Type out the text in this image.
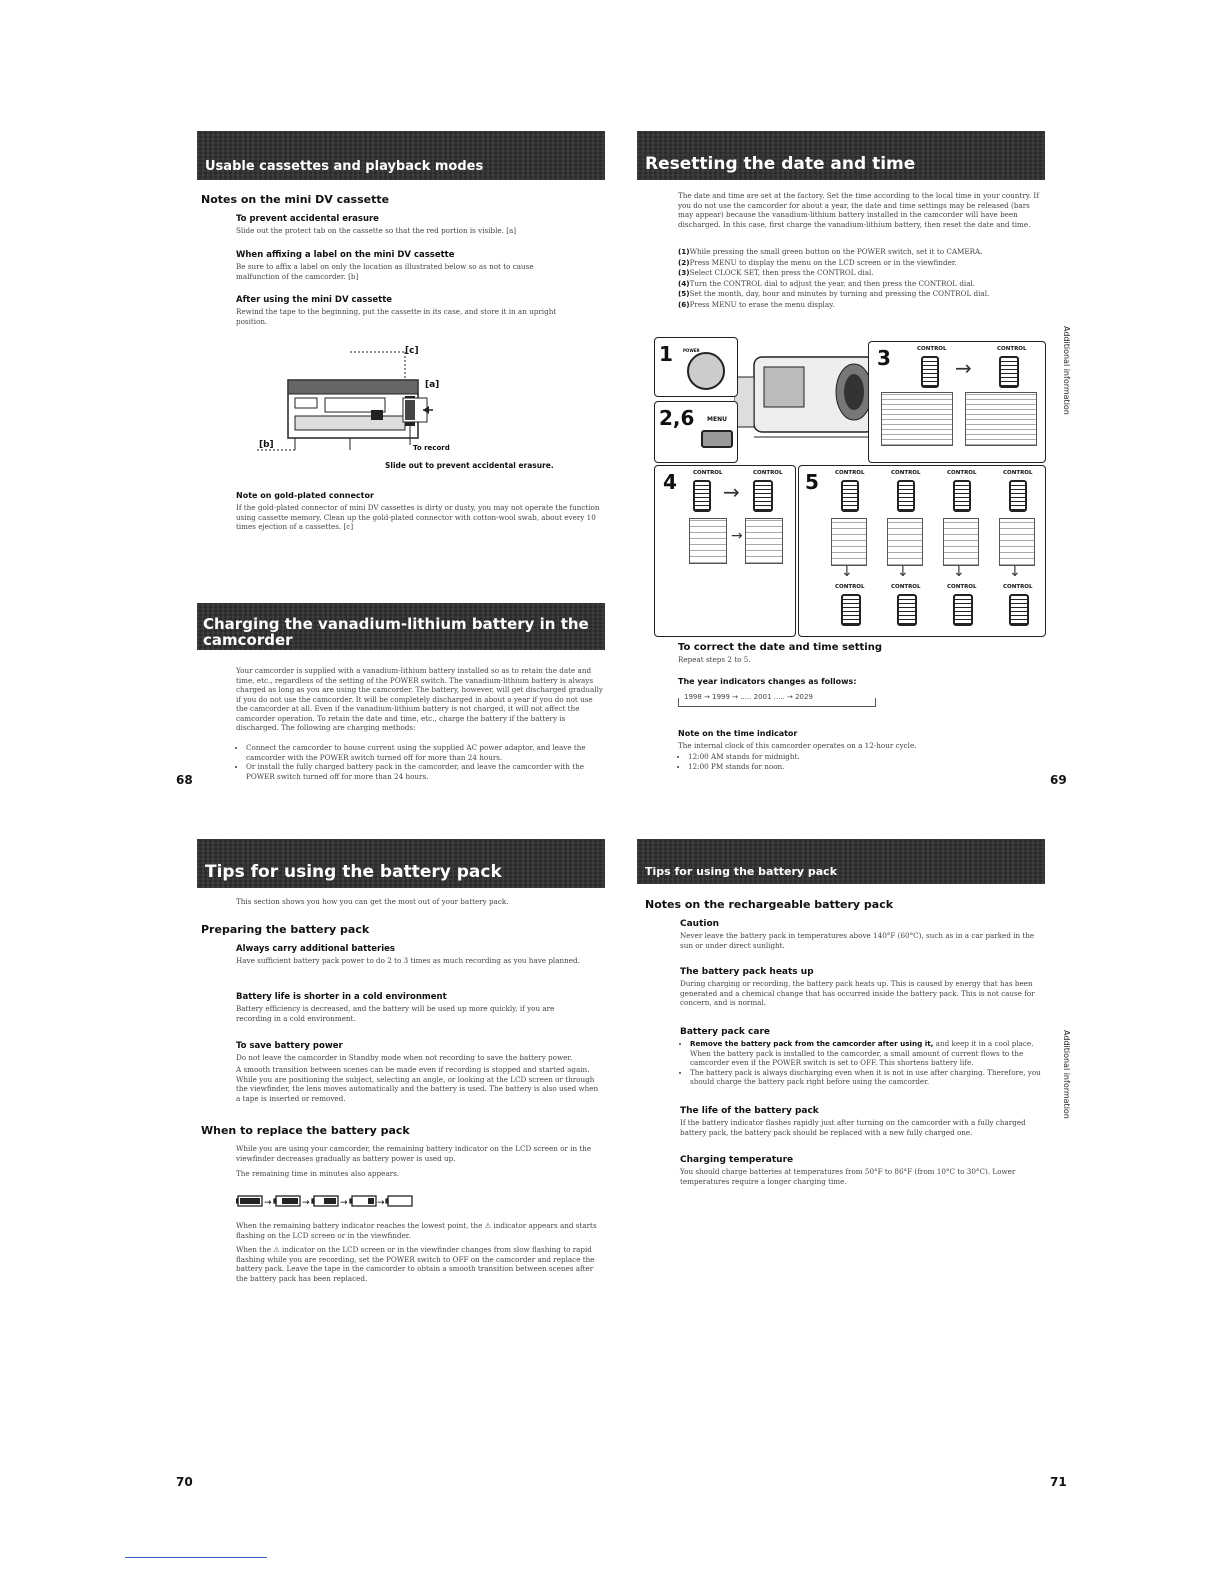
Usable cassettes and playback modes
Notes on the mini DV cassette
To prevent accidental erasure
Slide out the protect tab on the cassette so that the red portion is visible. [a]
When affixing a label on the mini DV cassette
Be sure to affix a label on only the location as illustrated below so as not to cause malfunction of the camcorder. [b]
After using the mini DV cassette
Rewind the tape to the beginning, put the cassette in its case, and store it in an upright position.
[c]
[a]
[b]	To record
Slide out to prevent accidental erasure.
Note on gold-plated connector
If the gold-plated connector of mini DV cassettes is dirty or dusty, you may not operate the function using cassette memory. Clean up the gold-plated connector with cotton-wool swab, about every 10 times ejection of a cassettes. [c]
Charging the vanadium-lithium battery in the camcorder
Your camcorder is supplied with a vanadium-lithium battery installed so as to retain the date and time, etc., regardless of the setting of the POWER switch. The vanadium-lithium battery is always charged as long as you are using the camcorder. The battery, however, will get discharged gradually if you do not use the camcorder. It will be completely discharged in about a year if you do not use the camcorder at all. Even if the vanadium-lithium battery is not charged, it will not affect the camcorder operation. To retain the date and time, etc., charge the battery if the battery is discharged. The following are charging methods:
• Connect the camcorder to house current using the supplied AC power adaptor, and leave the camcorder with the POWER switch turned off for more than 24 hours.
• Or install the fully charged battery pack in the camcorder, and leave the camcorder with the POWER switch turned off for more than 24 hours.
68
Resetting the date and time
The date and time are set at the factory. Set the time according to the local time in your country. If you do not use the camcorder for about a year, the date and time settings may be released (bars may appear) because the vanadium-lithium battery installed in the camcorder will have been discharged. In this case, first charge the vanadium-lithium battery, then reset the date and time.
(1)While pressing the small green button on the POWER switch, set it to CAMERA.
(2)Press MENU to display the menu on the LCD screen or in the viewfinder.
(3)Select CLOCK SET, then press the CONTROL dial.
(4)Turn the CONTROL dial to adjust the year, and then press the CONTROL dial.
(5)Set the month, day, hour and minutes by turning and pressing the CONTROL dial.
(6)Press MENU to erase the menu display.
1	POWER
2,6 MENU
3	CONTROL	CONTROL
→
4	CONTROL	CONTROL
→
→
5	CONTROL	CONTROL	CONTROL	CONTROL
↓	↓	↓	↓
CONTROL	CONTROL	CONTROL	CONTROL
To correct the date and time setting
Repeat steps 2 to 5.
The year indicators changes as follows:
1998 → 1999 → ..... 2001 ..... → 2029
Note on the time indicator
The internal clock of this camcorder operates on a 12-hour cycle.
• 12:00 AM stands for midnight.
• 12:00 PM stands for noon.
69
Additional information
Tips for using the battery pack
This section shows you how you can get the most out of your battery pack.
Preparing the battery pack
Always carry additional batteries
Have sufficient battery pack power to do 2 to 3 times as much recording as you have planned.
Battery life is shorter in a cold environment
Battery efficiency is decreased, and the battery will be used up more quickly, if you are recording in a cold environment.
To save battery power
Do not leave the camcorder in Standby mode when not recording to save the battery power.
A smooth transition between scenes can be made even if recording is stopped and started again. While you are positioning the subject, selecting an angle, or looking at the LCD screen or through the viewfinder, the lens moves automatically and the battery is used. The battery is also used when a tape is inserted or removed.
When to replace the battery pack
While you are using your camcorder, the remaining battery indicator on the LCD screen or in the viewfinder decreases gradually as battery power is used up.
The remaining time in minutes also appears.
→	→	→	→
When the remaining battery indicator reaches the lowest point, the ⚠ indicator appears and starts flashing on the LCD screen or in the viewfinder.
When the ⚠ indicator on the LCD screen or in the viewfinder changes from slow flashing to rapid flashing while you are recording, set the POWER switch to OFF on the camcorder and replace the battery pack. Leave the tape in the camcorder to obtain a smooth transition between scenes after the battery pack has been replaced.
70
Tips for using the battery pack
Notes on the rechargeable battery pack
Caution
Never leave the battery pack in temperatures above 140°F (60°C), such as in a car parked in the sun or under direct sunlight.
The battery pack heats up
During charging or recording, the battery pack heats up. This is caused by energy that has been generated and a chemical change that has occurred inside the battery pack. This is not cause for concern, and is normal.
Battery pack care
• Remove the battery pack from the camcorder after using it, and keep it in a cool place. When the battery pack is installed to the camcorder, a small amount of current flows to the camcorder even if the POWER switch is set to OFF. This shortens battery life.
• The battery pack is always discharging even when it is not in use after charging. Therefore, you should charge the battery pack right before using the camcorder.
The life of the battery pack
If the battery indicator flashes rapidly just after turning on the camcorder with a fully charged battery pack, the battery pack should be replaced with a new fully charged one.
Charging temperature
You should charge batteries at temperatures from 50°F to 86°F (from 10°C to 30°C). Lower temperatures require a longer charging time.
71
Additional information
